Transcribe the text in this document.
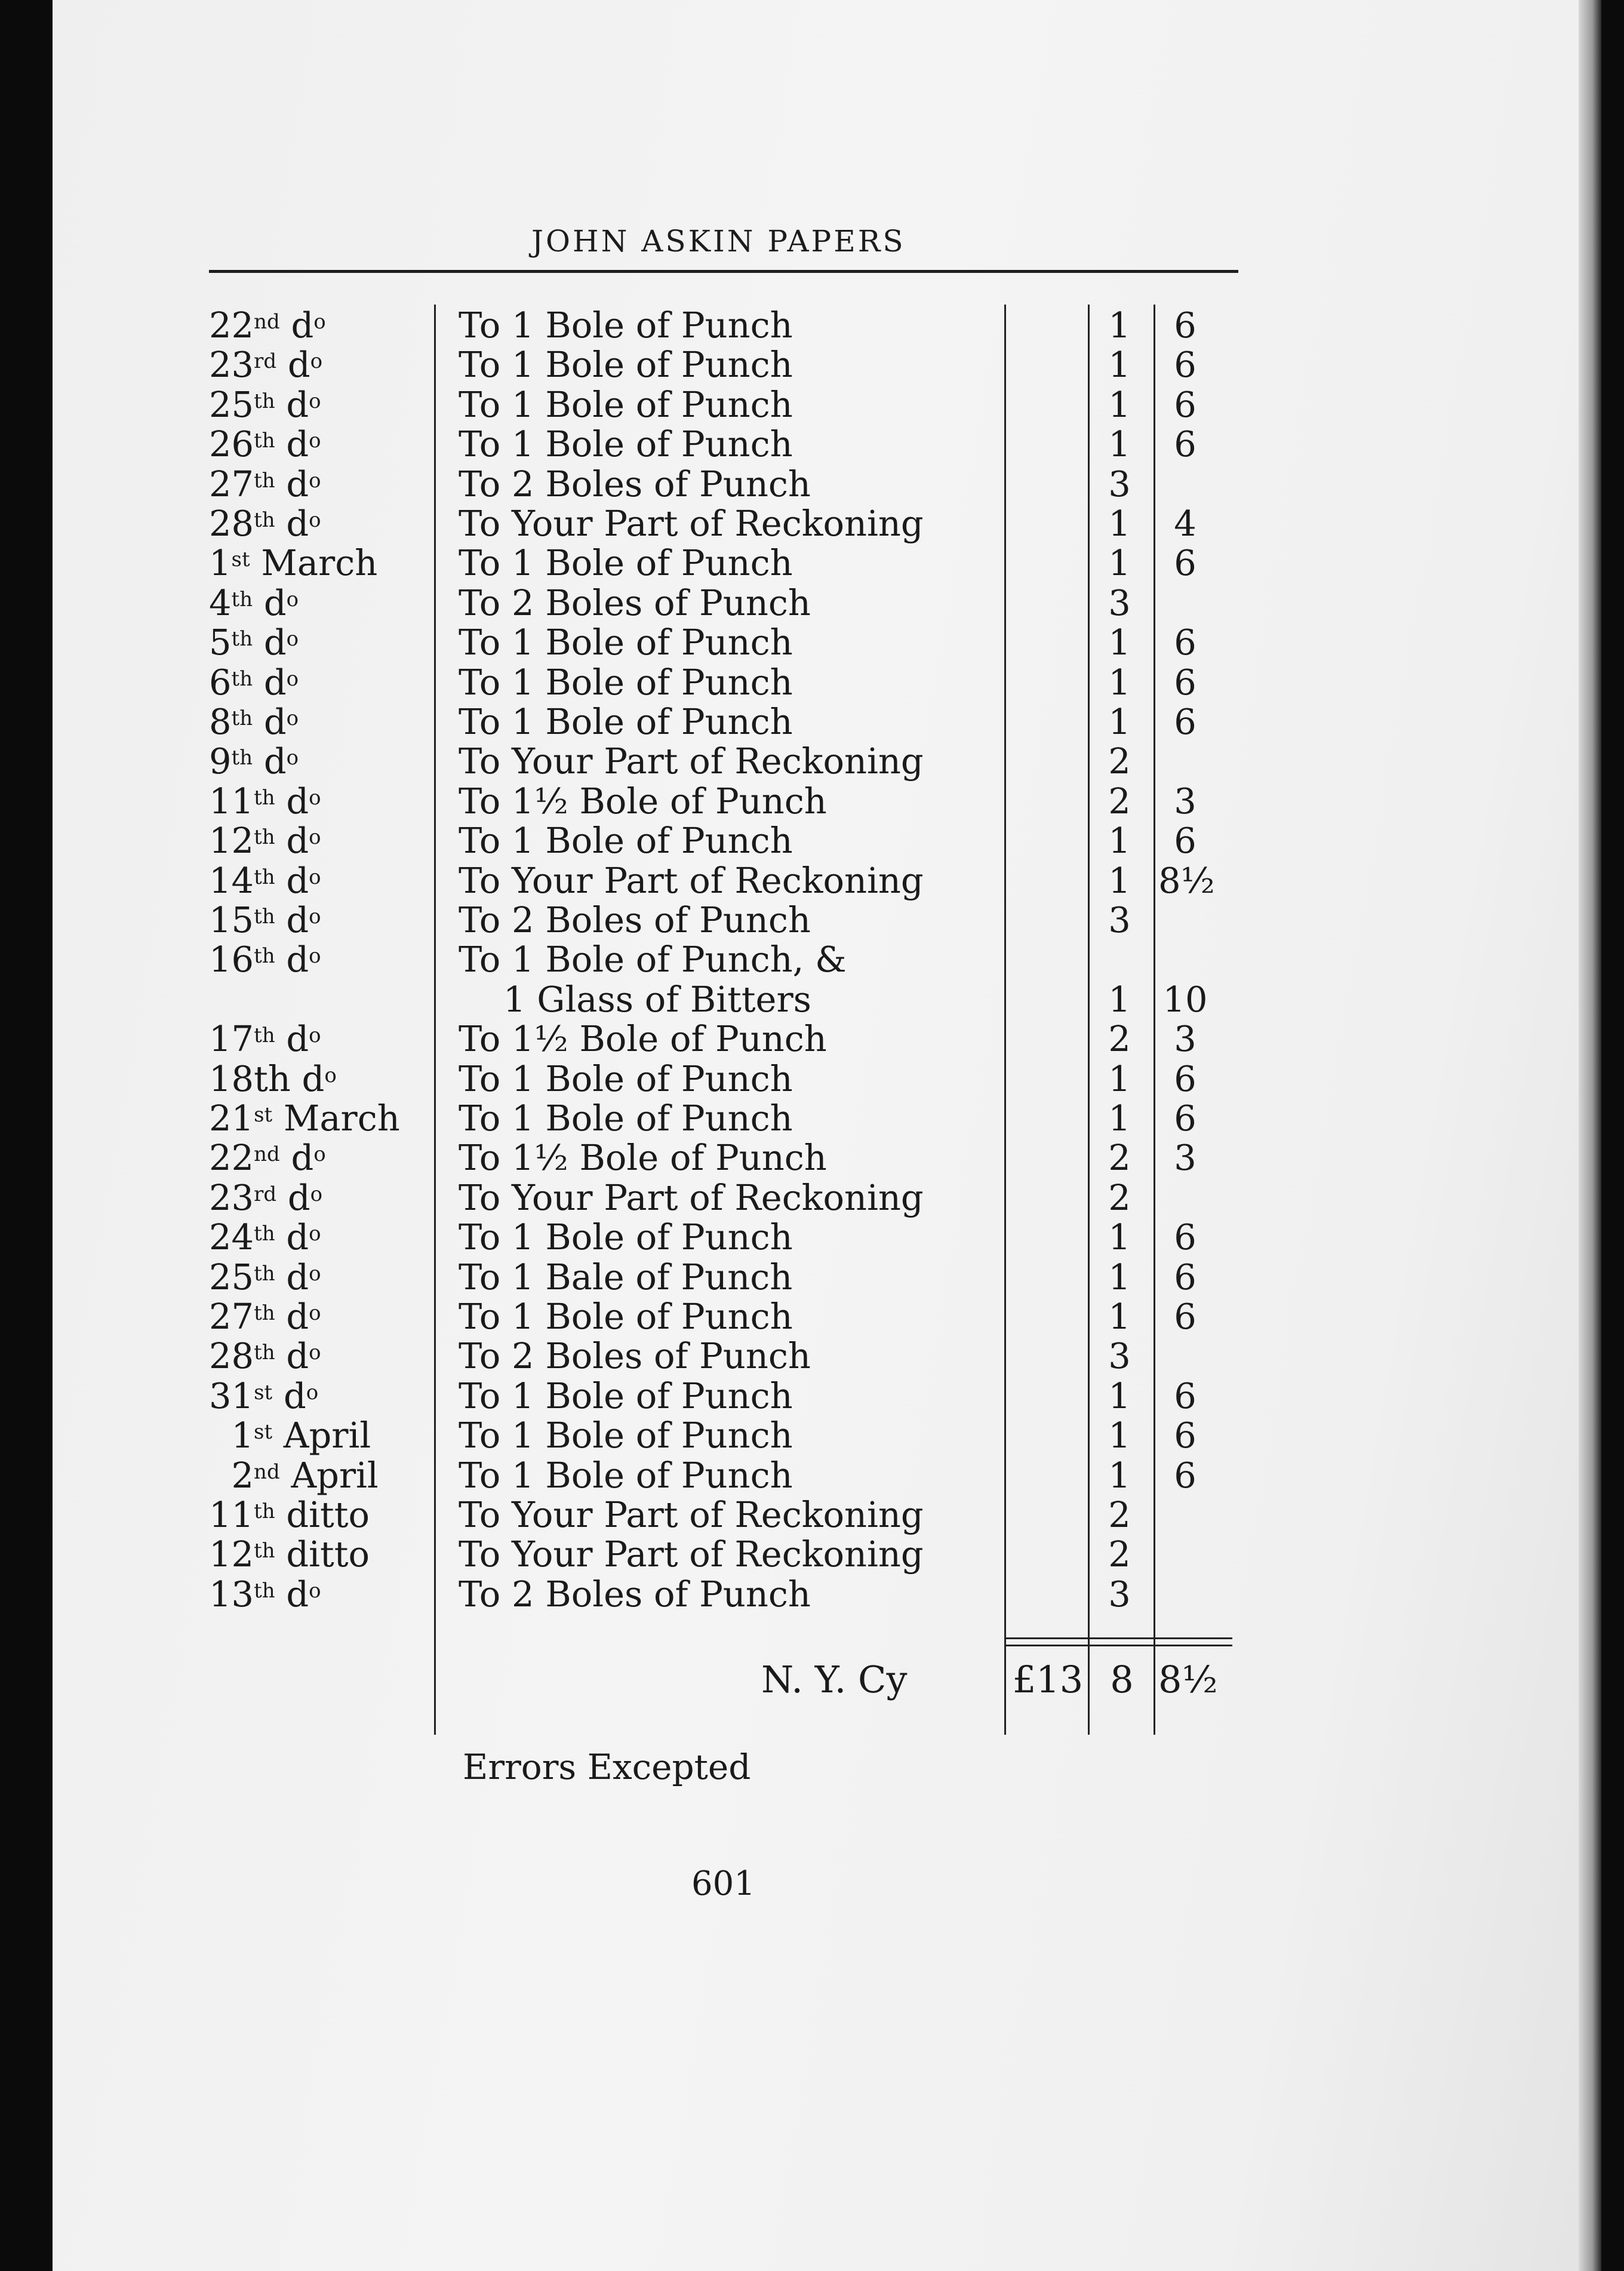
JOHN ASKIN PAPERS
22nd $d^o$	To 1 Bole of Punch	1	6
23rd $d^o$	To 1 Bole of Punch	1	6
25th $d^o$	To 1 Bole of Punch	1	6
26th $d^o$	To 1 Bole of Punch	1	6
27th $d^o$	To 2 Boles of Punch	3
28th $d^o$	To Your Part of Reckoning	1	4
1st March To 1 Bole of Punch	1	6
4th $d^o$	To 2 Boles of Punch	3
5th $d^o$	To 1 Bole of Punch	1	6
6th $d^o$	To 1 Bole of Punch	1	6
8th $d^o$	To 1 Bole of Punch	1	6
9th $d^o$	To Your Part of Reckoning	2
11th $d^o$	To 1½ Bole of Punch	2	3
12th $d^o$	To 1 Bole of Punch	1	6
14th $d^o$	To Your Part of Reckoning	1 8½
15th $d^o$	To 2 Boles of Punch	3
16th $d^o$	To 1 Bole of Punch, &
1 Glass of Bitters	1 10
17th $d^o$	To 1½ Bole of Punch	2	3
18th $d^o$	To 1 Bole of Punch	1	6
21st March To 1 Bole of Punch	1	6
22nd $d^o$	To 1½ Bole of Punch	2	3
23rd $d^o$	To Your Part of Reckoning	2
24th $d^o$	To 1 Bole of Punch	1	6
25th $d^o$	To 1 Bale of Punch	1	6
27th $d^o$	To 1 Bole of Punch	1	6
28th $d^o$	To 2 Boles of Punch	3
31st $d^o$	To 1 Bole of Punch	1	6
1st April To 1 Bole of Punch	1	6
2nd April To 1 Bole of Punch	1	6
11th ditto	To Your Part of Reckoning	2
12th ditto	To Your Part of Reckoning	2
13th $d^o$	To 2 Boles of Punch	3
N. Y. Cy	£13 8 8½
Errors Excepted
601
